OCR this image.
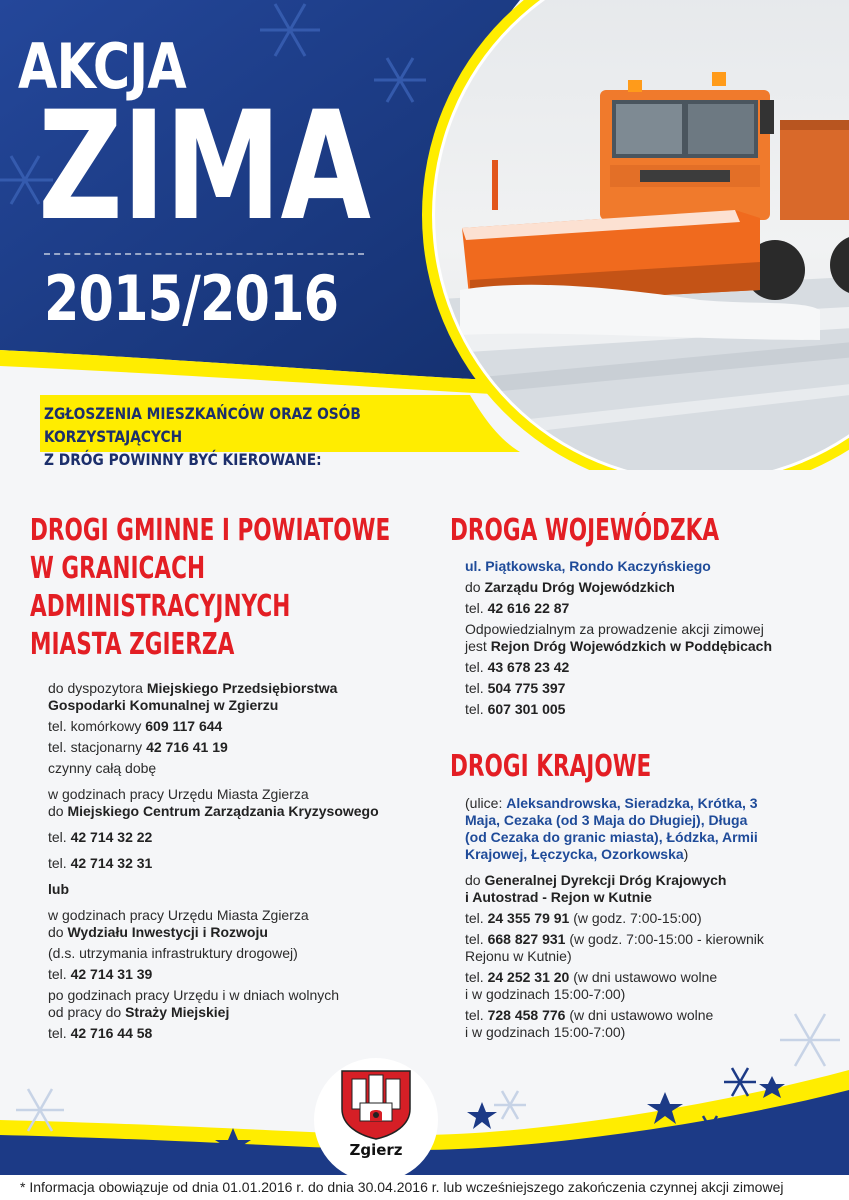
AKCJA
ZIMA
2015/2016
ZGŁOSZENIA MIESZKAŃCÓW ORAZ OSÓB KORZYSTAJĄCYCH
Z DRÓG POWINNY BYĆ KIEROWANE:
DROGI GMINNE I POWIATOWE
W GRANICACH
ADMINISTRACYJNYCH
MIASTA ZGIERZA

do dyspozytora Miejskiego Przedsiębiorstwa

Gospodarki Komunalnej w Zgierzu

tel. komórkowy 609 117 644

tel. stacjonarny 42 716 41 19

czynny całą dobę

w godzinach pracy Urzędu Miasta Zgierza

do Miejskiego Centrum Zarządzania Kryzysowego

tel. 42 714 32 22

tel. 42 714 32 31

lub

w godzinach pracy Urzędu Miasta Zgierza

do Wydziału Inwestycji i Rozwoju

(d.s. utrzymania infrastruktury drogowej)

tel. 42 714 31 39

po godzinach pracy Urzędu i w dniach wolnych

od pracy do Straży Miejskiej

tel. 42 716 44 58

DROGA WOJEWÓDZKA

ul. Piątkowska, Rondo Kaczyńskiego

do Zarządu Dróg Wojewódzkich

tel. 42 616 22 87

Odpowiedzialnym za prowadzenie akcji zimowej

jest Rejon Dróg Wojewódzkich w Poddębicach

tel. 43 678 23 42

tel. 504 775 397

tel. 607 301 005

DROGI KRAJOWE

(ulice: Aleksandrowska, Sieradzka, Krótka, 3

Maja, Cezaka (od 3 Maja do Długiej), Długa

(od Cezaka do granic miasta), Łódzka, Armii

Krajowej, Łęczycka, Ozorkowska)

do Generalnej Dyrekcji Dróg Krajowych

i Autostrad - Rejon w Kutnie

tel. 24 355 79 91 (w godz. 7:00-15:00)

tel. 668 827 931 (w godz. 7:00-15:00 - kierownik

Rejonu w Kutnie)

tel. 24 252 31 20 (w dni ustawowo wolne

i w godzinach 15:00-7:00)

tel. 728 458 776 (w dni ustawowo wolne

i w godzinach 15:00-7:00)

Zgierz
* Informacja obowiązuje od dnia 01.01.2016 r. do dnia 30.04.2016 r. lub wcześniejszego zakończenia czynnej akcji zimowej
